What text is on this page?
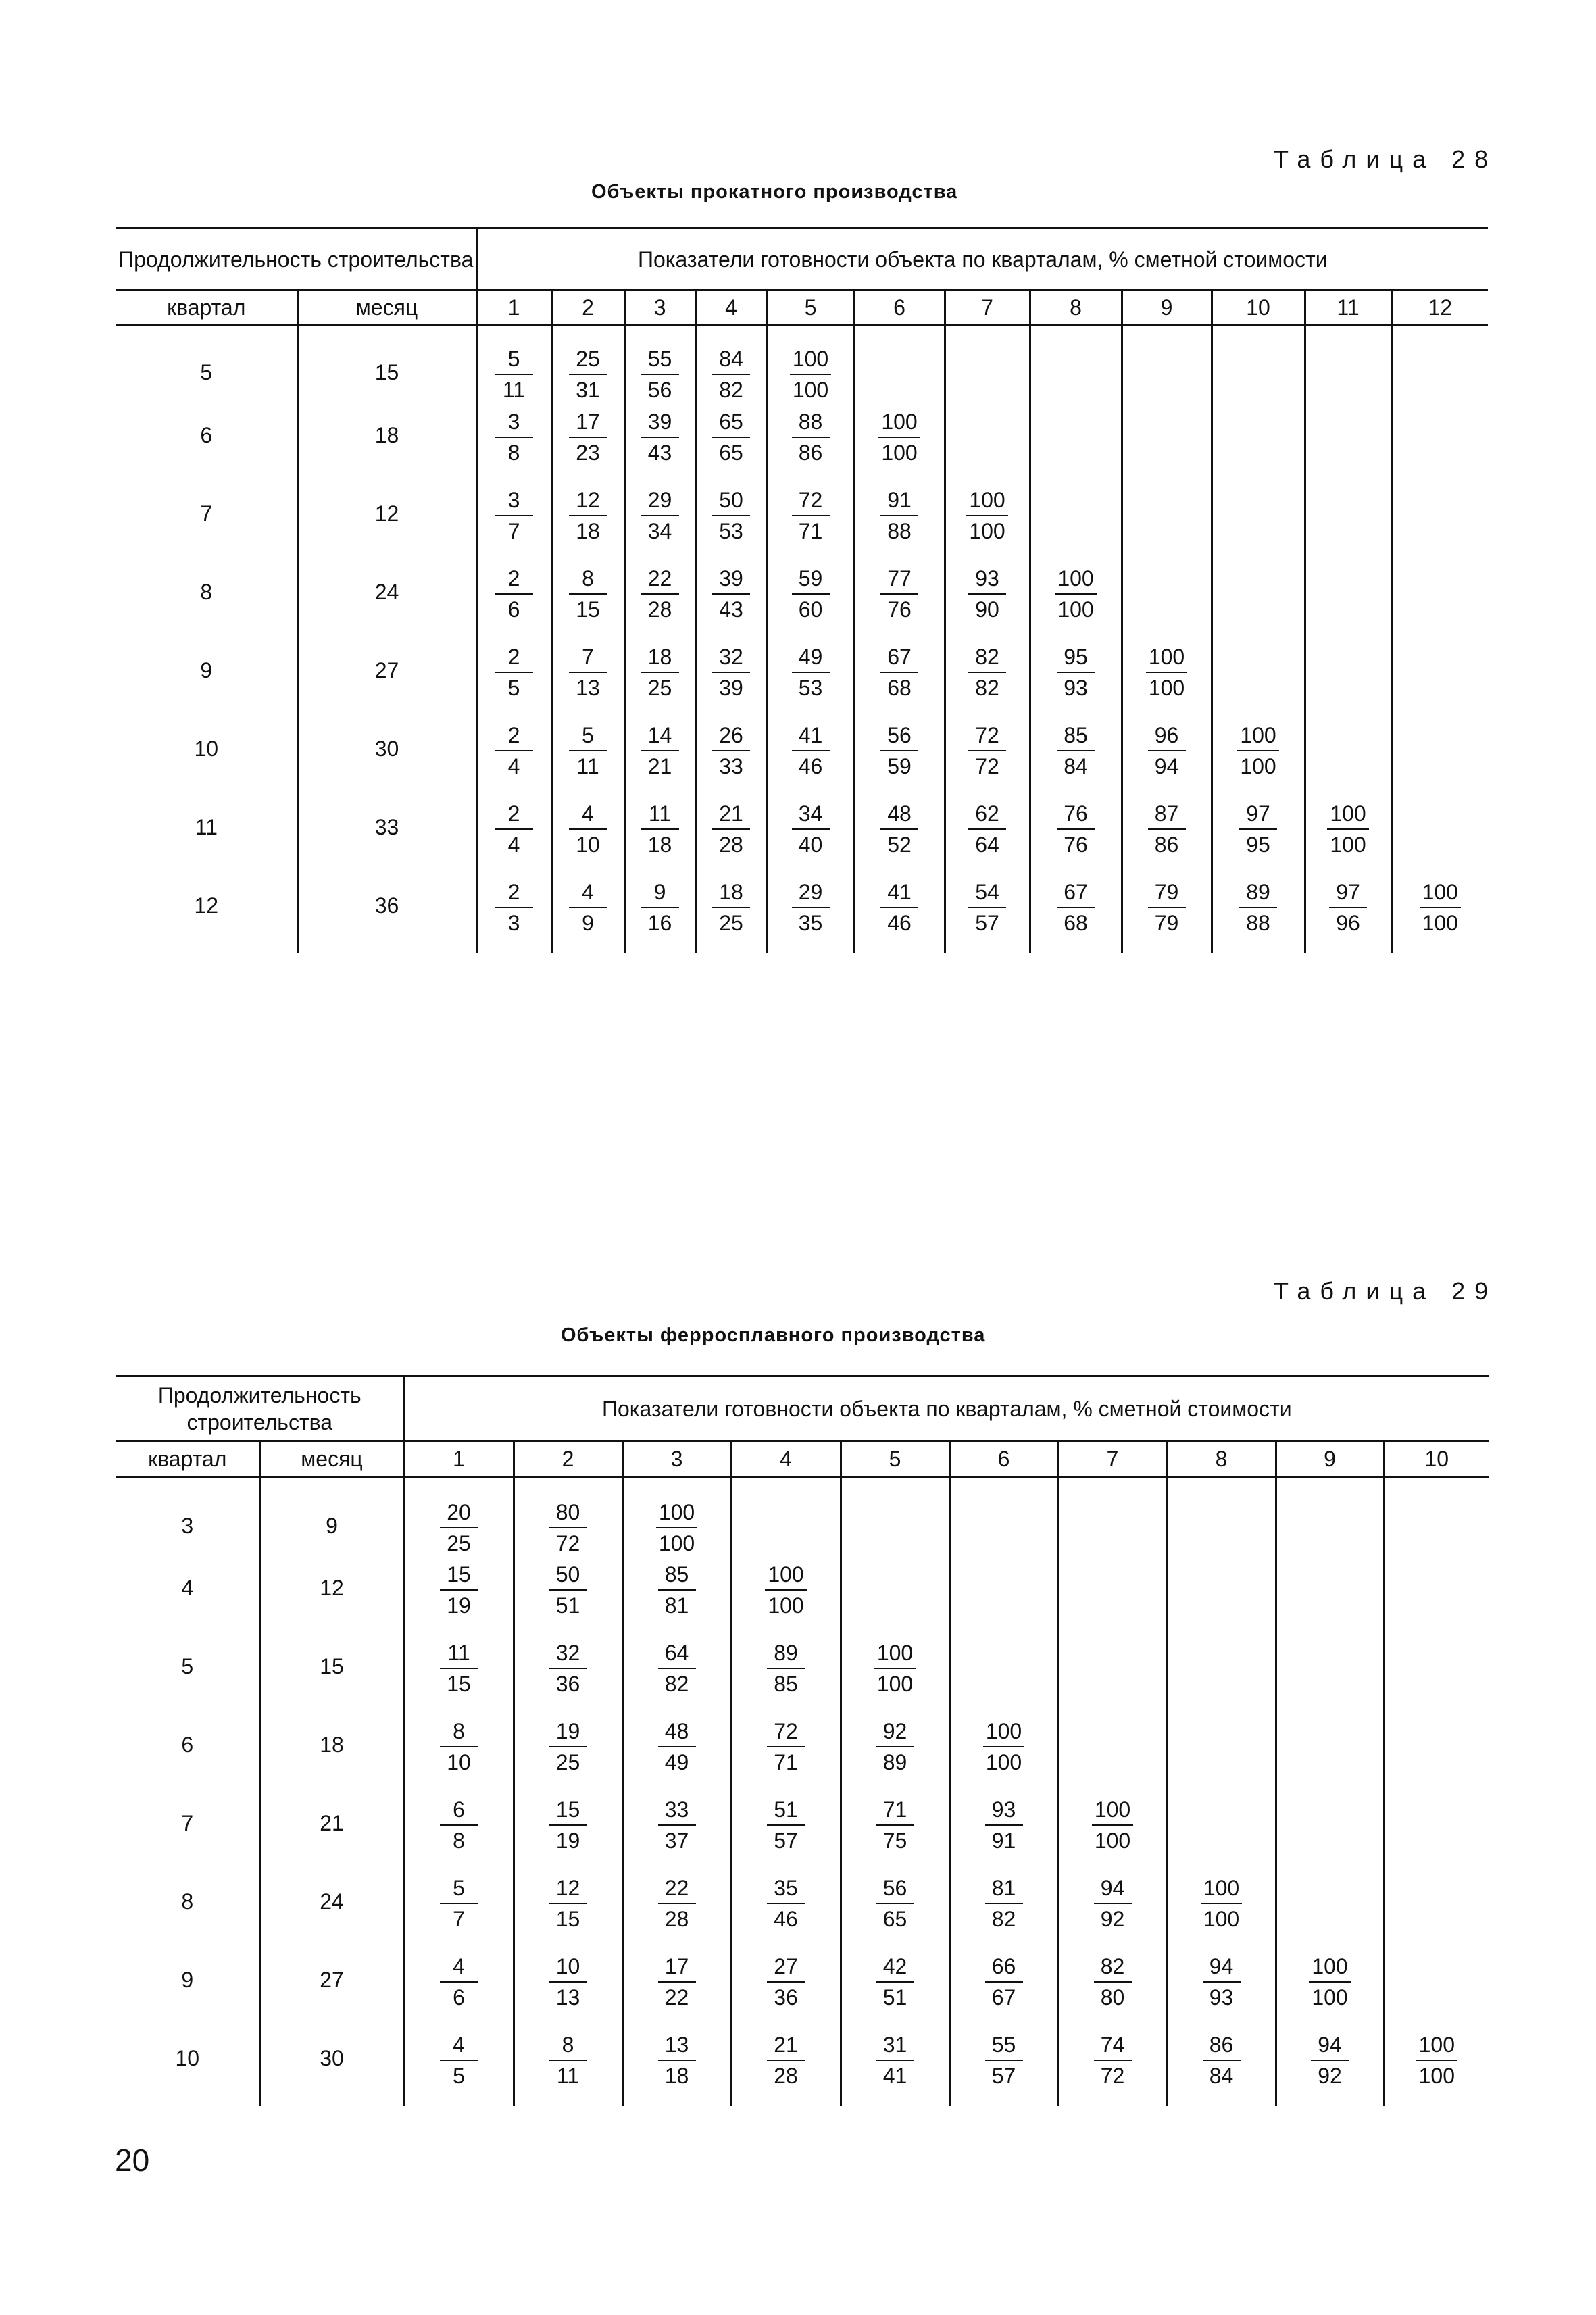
Таблица 28
Объекты прокатного производства
Продолжительность строительства		Показатели готовности объекта по кварталам, % сметной стоимости											
квартал	месяц	1	2	3	4	5	6	7	8	9	10	11	12
5	15	$\frac{5}{11}$	$\frac{25}{31}$	$\frac{55}{56}$	$\frac{84}{82}$	$\frac{100}{100}$

6	18	$\frac{3}{8}$	$\frac{17}{23}$	$\frac{39}{43}$	$\frac{65}{65}$	$\frac{88}{86}$	$\frac{100}{100}$

7	12	$\frac{3}{7}$	$\frac{12}{18}$	$\frac{29}{34}$	$\frac{50}{53}$	$\frac{72}{71}$	$\frac{91}{88}$	$\frac{100}{100}$

8	24	$\frac{2}{6}$	$\frac{8}{15}$	$\frac{22}{28}$	$\frac{39}{43}$	$\frac{59}{60}$	$\frac{77}{76}$	$\frac{93}{90}$	$\frac{100}{100}$

9	27	$\frac{2}{5}$	$\frac{7}{13}$	$\frac{18}{25}$	$\frac{32}{39}$	$\frac{49}{53}$	$\frac{67}{68}$	$\frac{82}{82}$	$\frac{95}{93}$	$\frac{100}{100}$

10	30	$\frac{2}{4}$	$\frac{5}{11}$	$\frac{14}{21}$	$\frac{26}{33}$	$\frac{41}{46}$	$\frac{56}{59}$	$\frac{72}{72}$	$\frac{85}{84}$	$\frac{96}{94}$	$\frac{100}{100}$

11	33	$\frac{2}{4}$	$\frac{4}{10}$	$\frac{11}{18}$	$\frac{21}{28}$	$\frac{34}{40}$	$\frac{48}{52}$	$\frac{62}{64}$	$\frac{76}{76}$	$\frac{87}{86}$	$\frac{97}{95}$	$\frac{100}{100}$

12	36	$\frac{2}{3}$	$\frac{4}{9}$	$\frac{9}{16}$	$\frac{18}{25}$	$\frac{29}{35}$	$\frac{41}{46}$	$\frac{54}{57}$	$\frac{67}{68}$	$\frac{79}{79}$	$\frac{89}{88}$	$\frac{97}{96}$	$\frac{100}{100}$
Таблица 29
Объекты ферросплавного производства
Продолжительность строительства		Показатели готовности объекта по кварталам, % сметной стоимости									
квартал	месяц	1	2	3	4	5	6	7	8	9	10
3	9	$\frac{20}{25}$	$\frac{80}{72}$	$\frac{100}{100}$

4	12	$\frac{15}{19}$	$\frac{50}{51}$	$\frac{85}{81}$	$\frac{100}{100}$

5	15	$\frac{11}{15}$	$\frac{32}{36}$	$\frac{64}{82}$	$\frac{89}{85}$	$\frac{100}{100}$

6	18	$\frac{8}{10}$	$\frac{19}{25}$	$\frac{48}{49}$	$\frac{72}{71}$	$\frac{92}{89}$	$\frac{100}{100}$

7	21	$\frac{6}{8}$	$\frac{15}{19}$	$\frac{33}{37}$	$\frac{51}{57}$	$\frac{71}{75}$	$\frac{93}{91}$	$\frac{100}{100}$

8	24	$\frac{5}{7}$	$\frac{12}{15}$	$\frac{22}{28}$	$\frac{35}{46}$	$\frac{56}{65}$	$\frac{81}{82}$	$\frac{94}{92}$	$\frac{100}{100}$

9	27	$\frac{4}{6}$	$\frac{10}{13}$	$\frac{17}{22}$	$\frac{27}{36}$	$\frac{42}{51}$	$\frac{66}{67}$	$\frac{82}{80}$	$\frac{94}{93}$	$\frac{100}{100}$

10	30	$\frac{4}{5}$	$\frac{8}{11}$	$\frac{13}{18}$	$\frac{21}{28}$	$\frac{31}{41}$	$\frac{55}{57}$	$\frac{74}{72}$	$\frac{86}{84}$	$\frac{94}{92}$	$\frac{100}{100}$
20
